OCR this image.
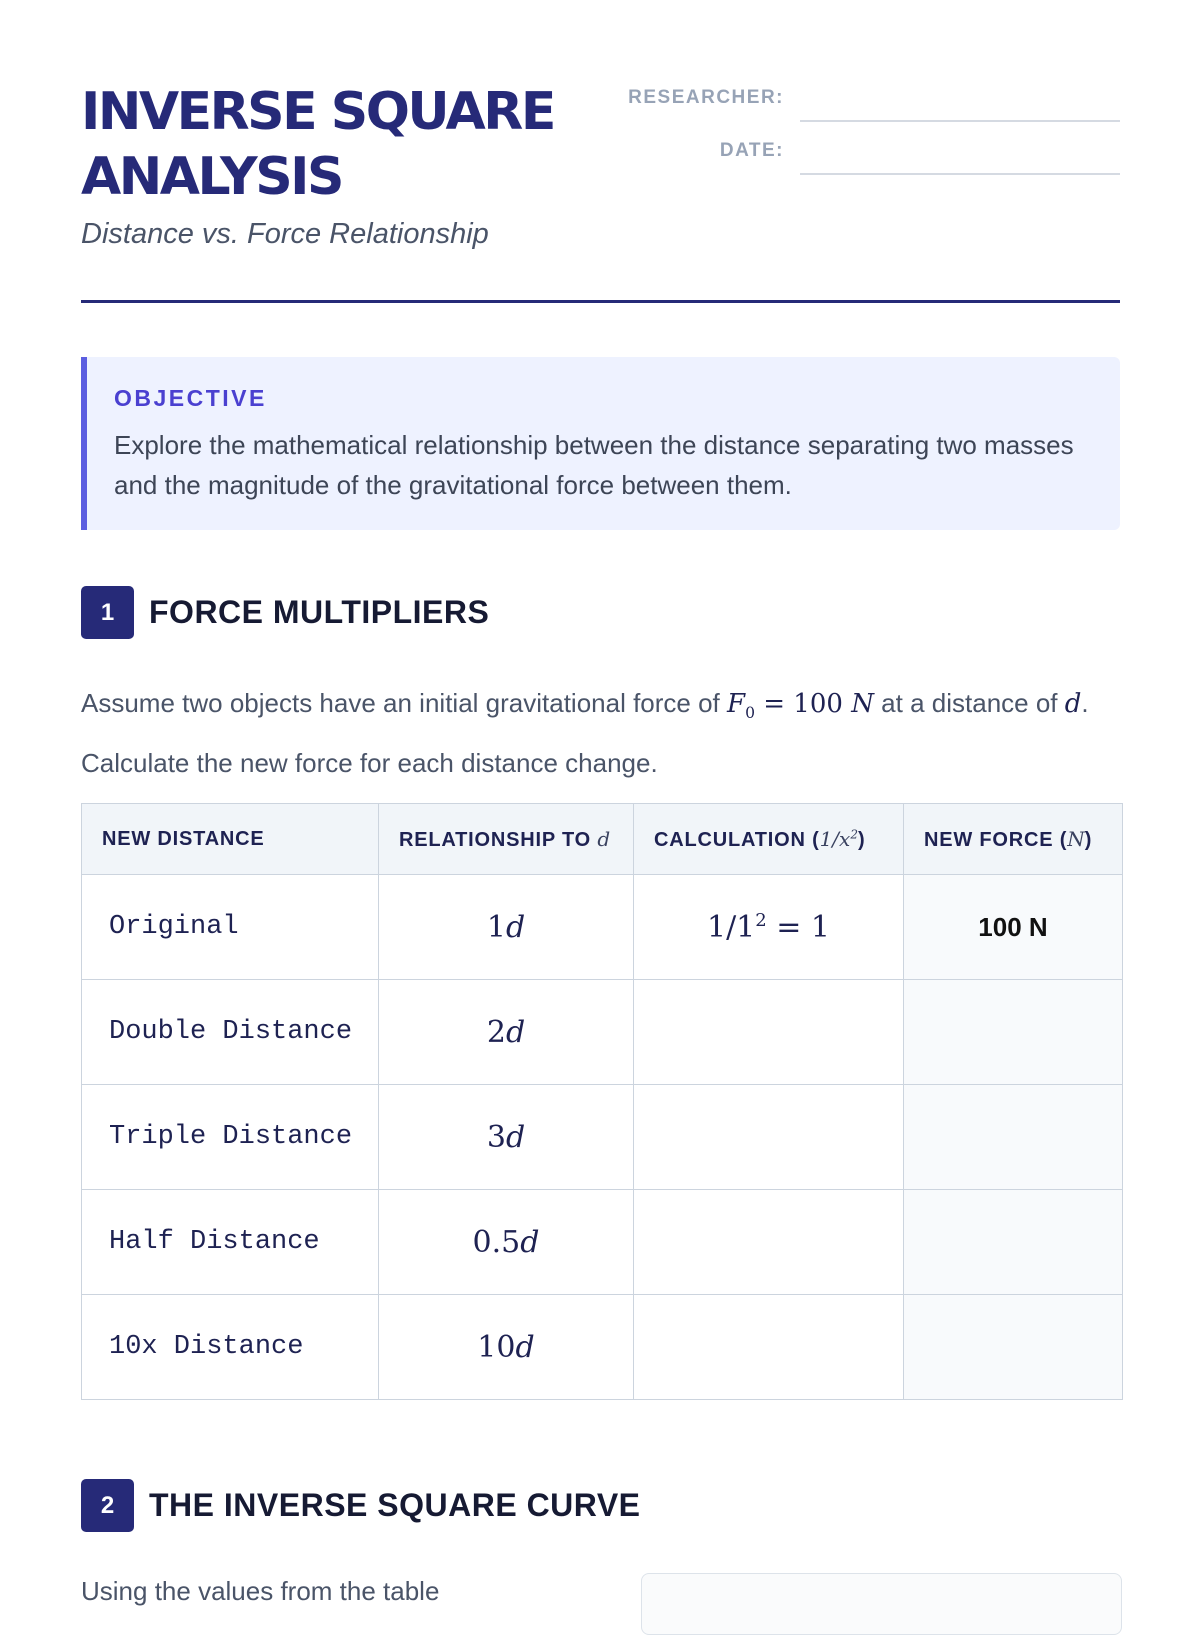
INVERSE SQUARE ANALYSIS

Distance vs. Force Relationship

RESEARCHER:
DATE:

OBJECTIVE

Explore the mathematical relationship between the distance separating two masses and the magnitude of the gravitational force between them.

1	FORCE MULTIPLIERS

Assume two objects have an initial gravitational force of $F_0 = 100$ N at a distance of d. Calculate the new force for each distance change.

NEW DISTANCE	RELATIONSHIP TO d	CALCULATION $(1/x^2)$	NEW FORCE (N)
Original	1d	$1/1^2 = 1$	100 N
Double Distance	2d		
Triple Distance	3d		
Half Distance	0.5d		
10x Distance	10d		
2	THE INVERSE SQUARE CURVE

Using the values from the table
